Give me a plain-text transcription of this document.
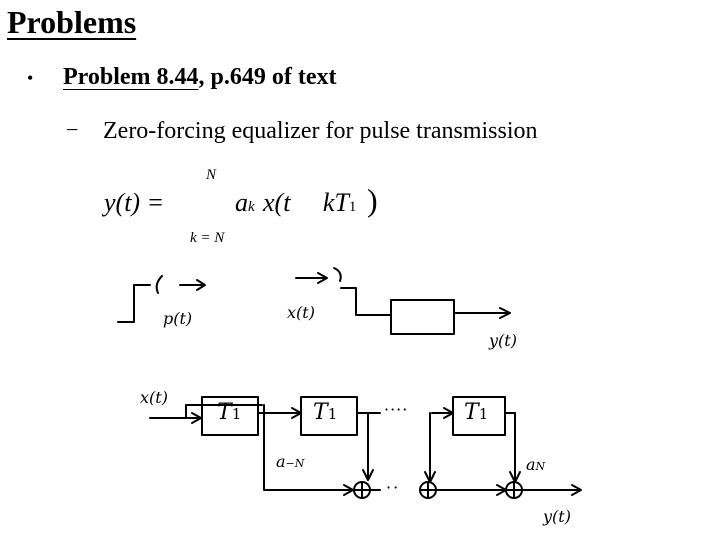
Problems
• Problem 8.44, p.649 of text
− Zero-forcing equalizer for pulse transmission
y(t) =
N
k = N
ak x(t     kT1 )
p(t)	x(t)
y(t)
x(t)
T1	T1	T1
····
··
a−N	aN
y(t)
